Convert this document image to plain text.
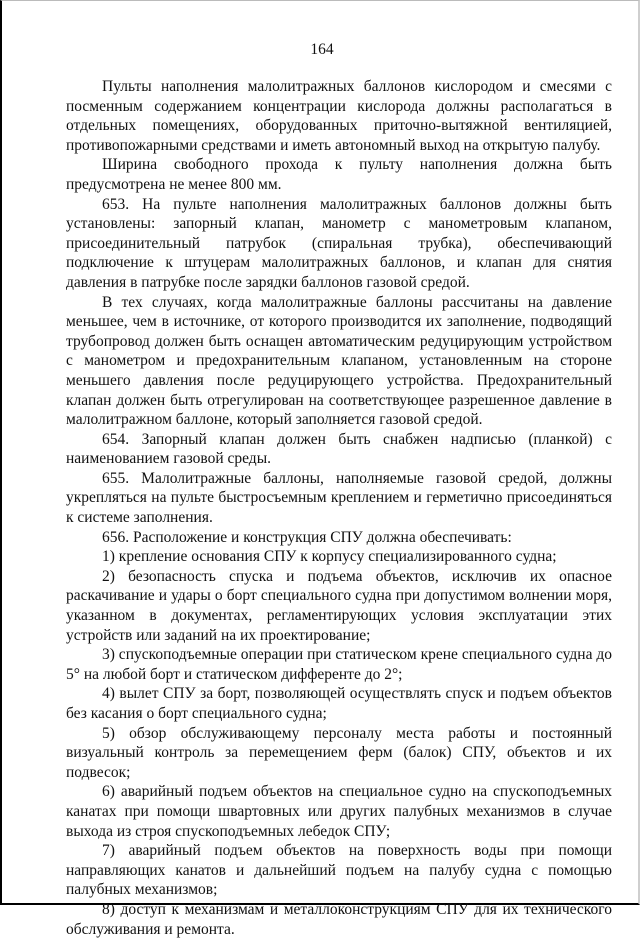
164

Пульты наполнения малолитражных баллонов кислородом и смесями с посменным содержанием концентрации кислорода должны располагаться в отдельных помещениях, оборудованных приточно-вытяжной вентиляцией, противопожарными средствами и иметь автономный выход на открытую палубу.

Ширина свободного прохода к пульту наполнения должна быть предусмотрена не менее 800 мм.

653. На пульте наполнения малолитражных баллонов должны быть установлены: запорный клапан, манометр с манометровым клапаном, присоединительный патрубок (спиральная трубка), обеспечивающий подключение к штуцерам малолитражных баллонов, и клапан для снятия давления в патрубке после зарядки баллонов газовой средой.

В тех случаях, когда малолитражные баллоны рассчитаны на давление меньшее, чем в источнике, от которого производится их заполнение, подводящий трубопровод должен быть оснащен автоматическим редуцирующим устройством с манометром и предохранительным клапаном, установленным на стороне меньшего давления после редуцирующего устройства. Предохранительный клапан должен быть отрегулирован на соответствующее разрешенное давление в малолитражном баллоне, который заполняется газовой средой.

654. Запорный клапан должен быть снабжен надписью (планкой) с наименованием газовой среды.

655. Малолитражные баллоны, наполняемые газовой средой, должны укрепляться на пульте быстросъемным креплением и герметично присоединяться к системе заполнения.

656. Расположение и конструкция СПУ должна обеспечивать:

1) крепление основания СПУ к корпусу специализированного судна;

2) безопасность спуска и подъема объектов, исключив их опасное раскачивание и удары о борт специального судна при допустимом волнении моря, указанном в документах, регламентирующих условия эксплуатации этих устройств или заданий на их проектирование;

3) спускоподъемные операции при статическом крене специального судна до 5° на любой борт и статическом дифференте до 2°;

4) вылет СПУ за борт, позволяющей осуществлять спуск и подъем объектов без касания о борт специального судна;

5) обзор обслуживающему персоналу места работы и постоянный визуальный контроль за перемещением ферм (балок) СПУ, объектов и их подвесок;

6) аварийный подъем объектов на специальное судно на спускоподъемных канатах при помощи швартовных или других палубных механизмов в случае выхода из строя спускоподъемных лебедок СПУ;

7) аварийный подъем объектов на поверхность воды при помощи направляющих канатов и дальнейший подъем на палубу судна с помощью палубных механизмов;

8) доступ к механизмам и металлоконструкциям СПУ для их технического обслуживания и ремонта.
